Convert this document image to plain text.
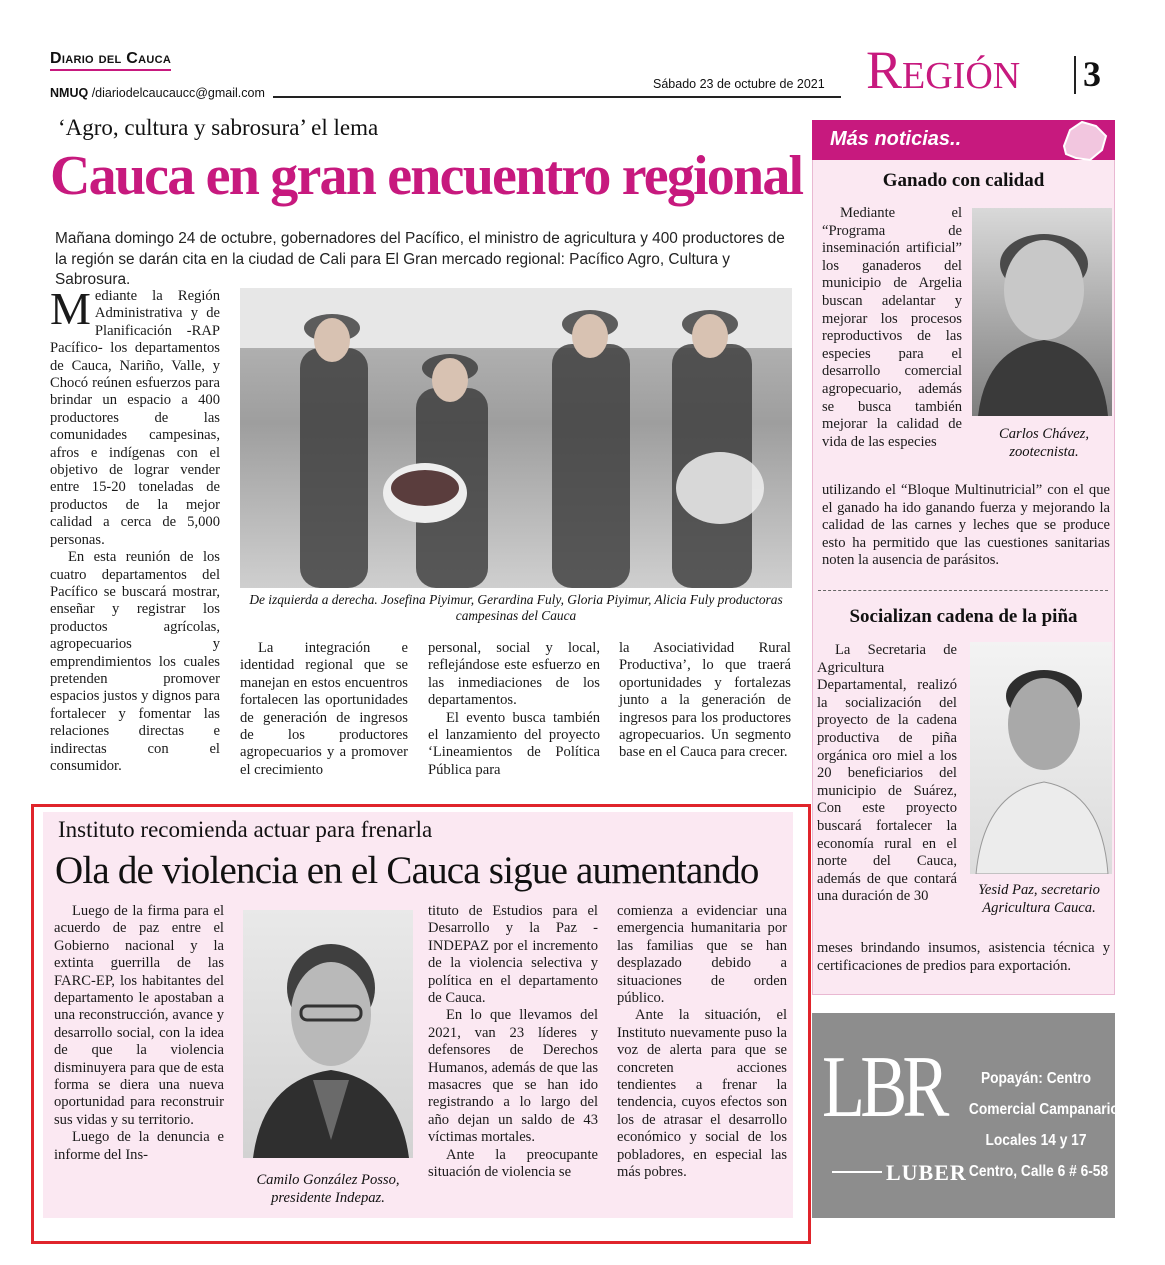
Diario del Cauca
NMUQ /diariodelcaucaucc@gmail.com
Sábado 23 de octubre de 2021 Región 3
‘Agro, cultura y sabrosura’ el lema
Cauca en gran encuentro regional
Mañana domingo 24 de octubre, gobernadores del Pacífico, el ministro de agricultura y 400 productores de la región se darán cita en la ciudad de Cali para El Gran mercado regional: Pacífico Agro, Cultura y Sabrosura.

Mediante la Región Administrativa y de Planificación -RAP Pacífico- los departamentos de Cauca, Nariño, Valle, y Chocó reúnen esfuerzos para brindar un espacio a 400 productores de las comunidades campesinas, afros e indígenas con el objetivo de lograr vender entre 15-20 toneladas de productos de la mejor calidad a cerca de 5,000 personas.

En esta reunión de los cuatro departamentos del Pacífico se buscará mostrar, enseñar y registrar los productos agrícolas, agropecuarios y emprendimientos los cuales pretenden promover espacios justos y dignos para fortalecer y fomentar las relaciones directas e indirectas con el consumidor.

De izquierda a derecha. Josefina Piyimur, Gerardina Fuly, Gloria Piyimur, Alicia Fuly productoras campesinas del Cauca

La integración e identidad regional que se manejan en estos encuentros fortalecen las oportunidades de generación de ingresos de los productores agropecuarios y a promover el crecimiento

personal, social y local, reflejándose este esfuerzo en las inmediaciones de los departamentos.

El evento busca también el lanzamiento del proyecto ‘Lineamientos de Política Pública para

la Asociatividad Rural Productiva’, lo que traerá oportunidades y fortalezas junto a la generación de ingresos para los productores agropecuarios. Un segmento base en el Cauca para crecer.

Instituto recomienda actuar para frenarla
Ola de violencia en el Cauca sigue aumentando

Luego de la firma para el acuerdo de paz entre el Gobierno nacional y la extinta guerrilla de las FARC-EP, los habitantes del departamento le apostaban a una reconstrucción, avance y desarrollo social, con la idea de que la violencia disminuyera para que de esta forma se diera una nueva oportunidad para reconstruir sus vidas y su territorio.

Luego de la denuncia e informe del Ins-

Camilo González Posso, presidente Indepaz.

tituto de Estudios para el Desarrollo y la Paz -INDEPAZ por el incremento de la violencia selectiva y política en el departamento de Cauca.

En lo que llevamos del 2021, van 23 líderes y defensores de Derechos Humanos, además de que las masacres que se han ido registrando a lo largo del año dejan un saldo de 43 víctimas mortales.

Ante la preocupante situación de violencia se

comienza a evidenciar una emergencia humanitaria por las familias que se han desplazado debido a situaciones de orden público.

Ante la situación, el Instituto nuevamente puso la voz de alerta para que se concreten acciones tendientes a frenar la tendencia, cuyos efectos son los de atrasar el desarrollo económico y social de los pobladores, en especial las más pobres.

Más noticias..
Ganado con calidad

Mediante el “Programa de inseminación artificial” los ganaderos del municipio de Argelia buscan adelantar y mejorar los procesos reproductivos de las especies para el desarrollo comercial agropecuario, además se busca también mejorar la calidad de vida de las especies	Carlos Chávez, zootecnista.

utilizando el “Bloque Multinutricial” con el que el ganado ha ido ganando fuerza y mejorando la calidad de las carnes y leches que se produce esto ha permitido que las cuestiones sanitarias noten la ausencia de parásitos.

Socializan cadena de la piña

La Secretaria de Agricultura Departamental, realizó la socialización del proyecto de la cadena productiva de piña orgánica oro miel a los 20 beneficiarios del municipio de Suárez, Con este proyecto buscará fortalecer la economía rural en el norte del Cauca, además de que contará una duración de 30	Yesid Paz, secretario Agricultura Cauca.

meses brindando insumos, asistencia técnica y certificaciones de predios para exportación.

LBR
LUBER
Popayán: Centro
Comercial Campanario
Locales 14 y 17
Centro, Calle 6 # 6-58
